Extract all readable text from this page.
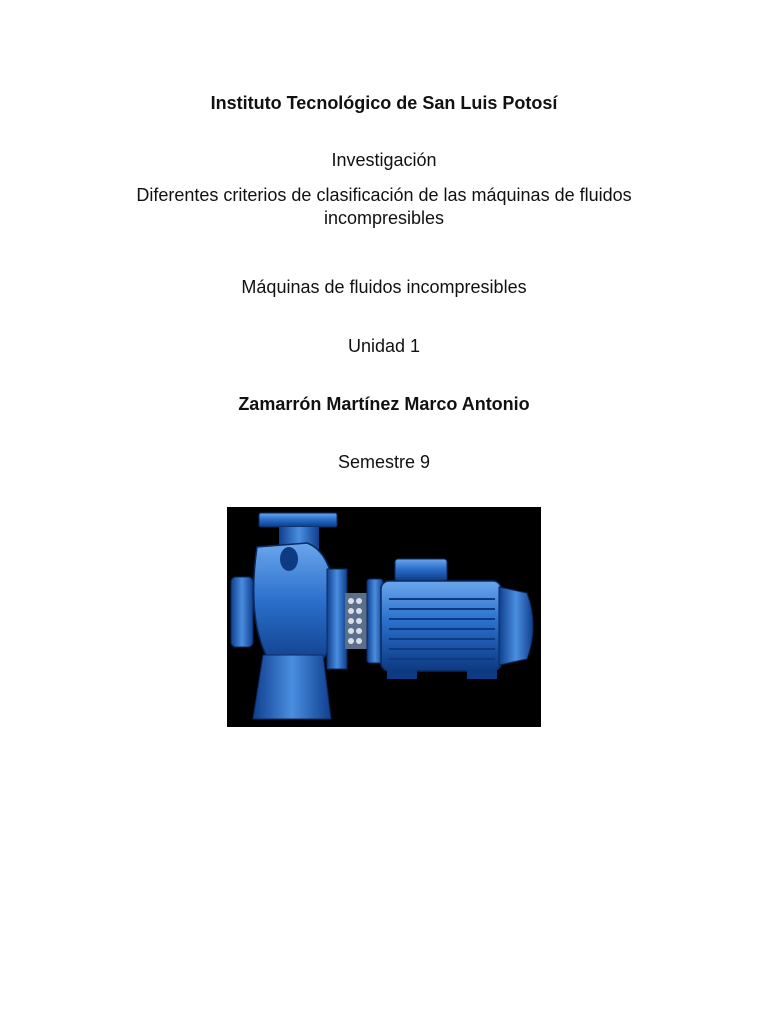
Instituto Tecnológico de San Luis Potosí
Investigación
Diferentes criterios de clasificación de las máquinas de fluidos incompresibles
Máquinas de fluidos incompresibles
Unidad 1
Zamarrón Martínez Marco Antonio
Semestre 9
